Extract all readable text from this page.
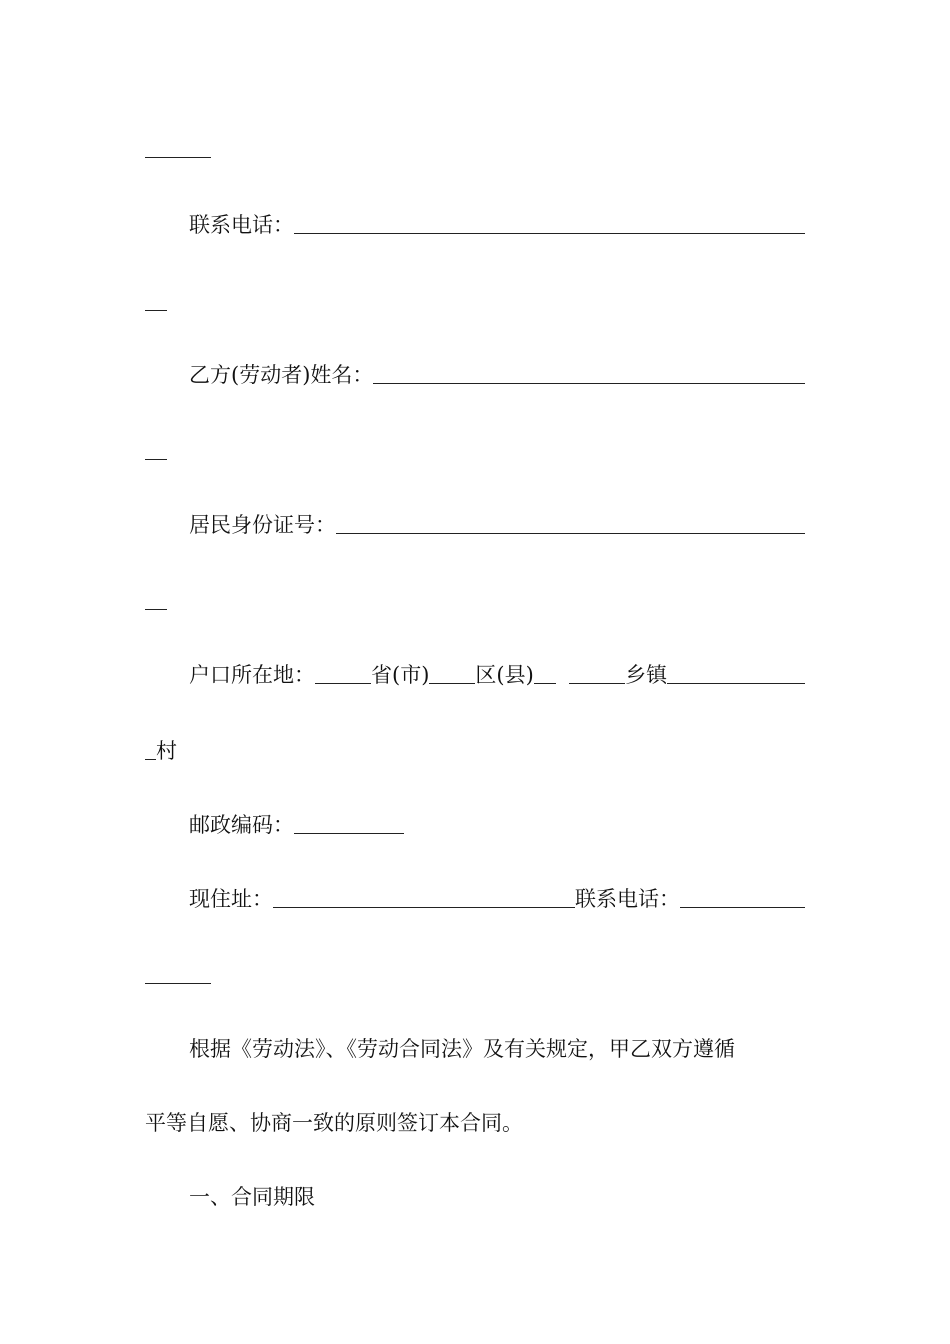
联系电话：
乙方(劳动者)姓名：
居民身份证号：
户口所在地：	省(市) 区(县)
	乡镇
村
邮政编码：
现住址：	联系电话：
根据《劳动法》、《劳动合同法》及有关规定，甲乙双方遵循
平等自愿、协商一致的原则签订本合同。
一、合同期限
